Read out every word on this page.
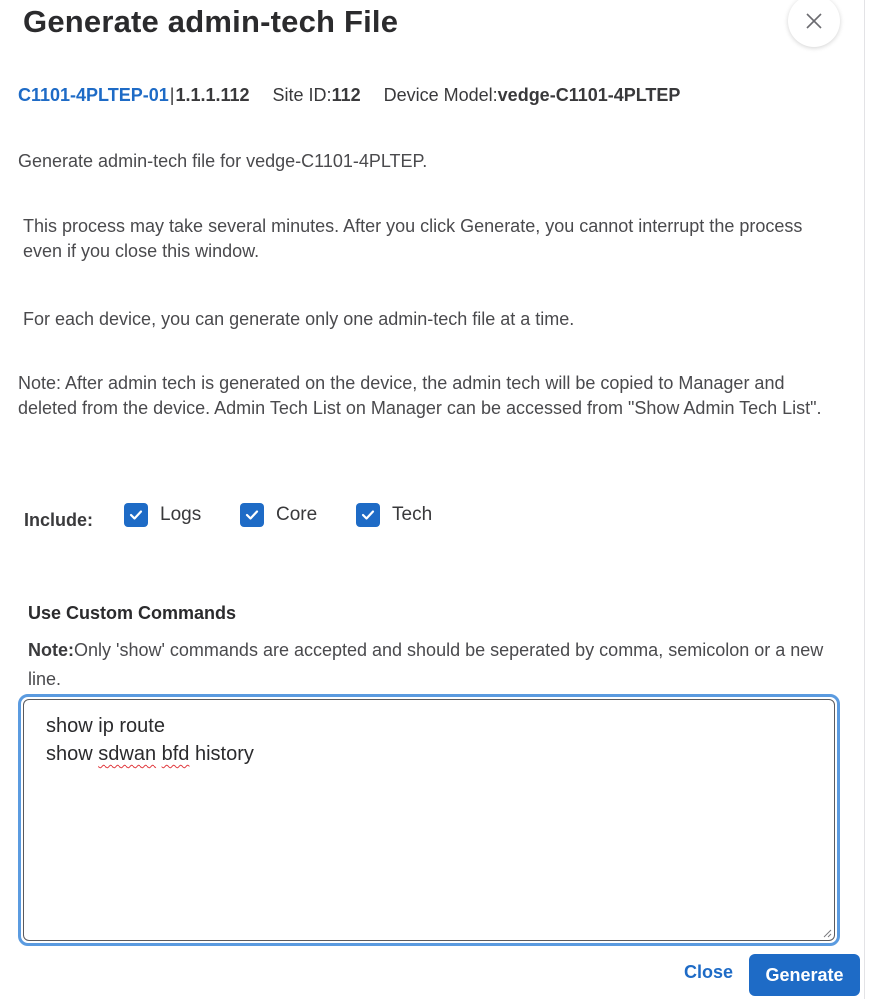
Generate admin-tech File
C1101-4PLTEP-01|1.1.1.112 Site ID:112 Device Model:vedge-C1101-4PLTEP

Generate admin-tech file for vedge-C1101-4PLTEP.

This process may take several minutes. After you click Generate, you cannot interrupt the process even if you close this window.

For each device, you can generate only one admin-tech file at a time.

Note: After admin tech is generated on the device, the admin tech will be copied to Manager and deleted from the device. Admin Tech List on Manager can be accessed from "Show Admin Tech List".

Include:	Logs	Core	Tech
Use Custom Commands

Note:Only 'show' commands are accepted and should be seperated by comma, semicolon or a new line.

show ip route
show sdwan bfd history
Close	Generate
